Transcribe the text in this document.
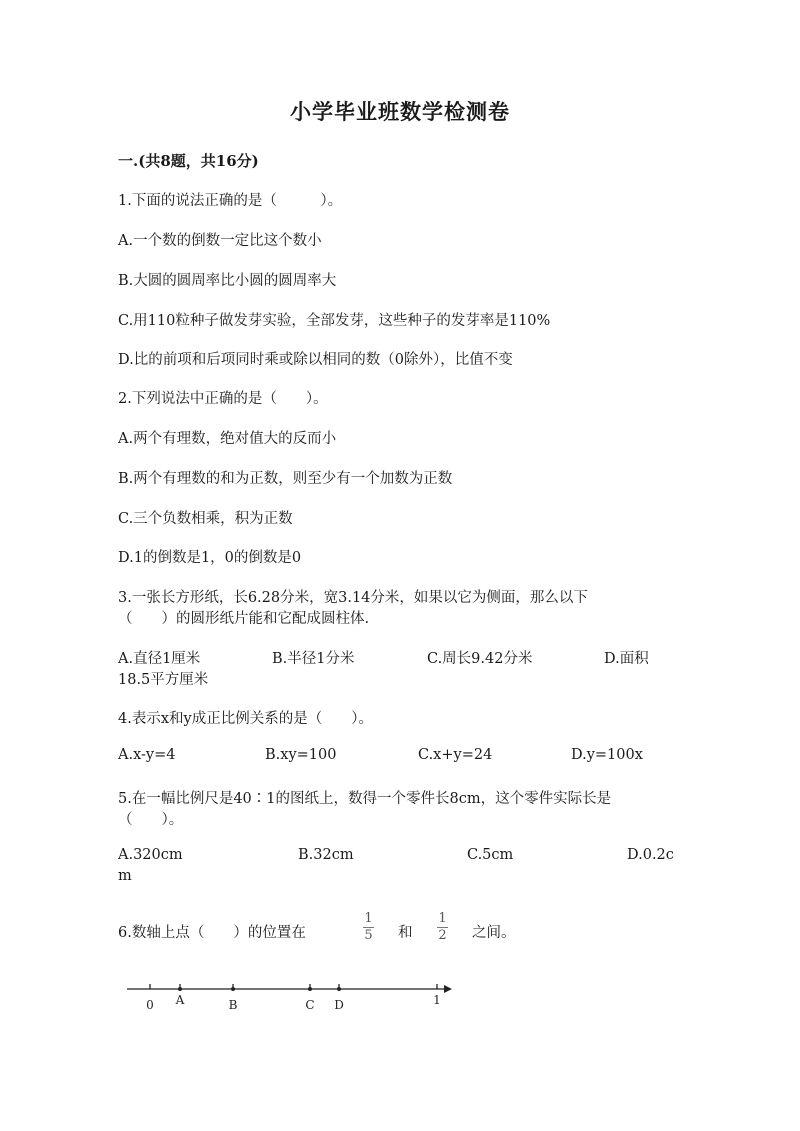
小学毕业班数学检测卷
一.(共8题，共16分)
1.下面的说法正确的是（　　　）。
A.一个数的倒数一定比这个数小
B.大圆的圆周率比小圆的圆周率大
C.用110粒种子做发芽实验，全部发芽，这些种子的发芽率是110%
D.比的前项和后项同时乘或除以相同的数（0除外），比值不变
2.下列说法中正确的是（　　）。
A.两个有理数，绝对值大的反而小
B.两个有理数的和为正数，则至少有一个加数为正数
C.三个负数相乘，积为正数
D.1的倒数是1，0的倒数是0
3.一张长方形纸，长6.28分米，宽3.14分米，如果以它为侧面，那么以下
（　　）的圆形纸片能和它配成圆柱体.
A.直径1厘米	B.半径1分米	C.周长9.42分米	D.面积
18.5平方厘米
4.表示x和y成正比例关系的是（　　）。
A.x-y=4	B.xy=100	C.x+y=24	D.y=100x
5.在一幅比例尺是40∶1的图纸上，数得一个零件长8cm，这个零件实际长是
（　　）。
A.320cm	B.32cm	C.5cm	D.0.2c
m
6.数轴上点（　　）的位置在
1
5 和
1
2 之间。
0 A	B	C D	1
